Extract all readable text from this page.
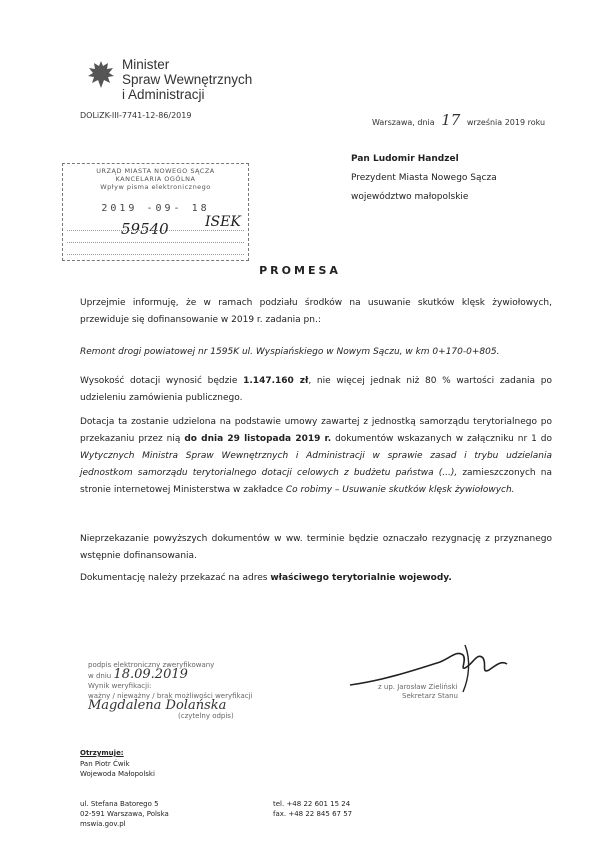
Minister
Spraw Wewnętrznych
i Administracji
DOLiZK-III-7741-12-86/2019
Warszawa, dnia 17 września 2019 roku
URZĄD MIASTA NOWEGO SĄCZA
KANCELARIA OGÓLNA
Wpływ pisma elektronicznego
2019 -09- 18
59540	ISEK
Pan Ludomir Handzel
Prezydent Miasta Nowego Sącza
województwo małopolskie
PROMESA
Uprzejmie informuję, że w ramach podziału środków na usuwanie skutków klęsk żywiołowych, przewiduje się dofinansowanie w 2019 r. zadania pn.:
Remont drogi powiatowej nr 1595K ul. Wyspiańskiego w Nowym Sączu, w km 0+170-0+805.
Wysokość dotacji wynosić będzie 1.147.160 zł, nie więcej jednak niż 80 % wartości zadania po udzieleniu zamówienia publicznego.
Dotacja ta zostanie udzielona na podstawie umowy zawartej z jednostką samorządu terytorialnego po przekazaniu przez nią do dnia 29 listopada 2019 r. dokumentów wskazanych w załączniku nr 1 do Wytycznych Ministra Spraw Wewnętrznych i Administracji w sprawie zasad i trybu udzielania jednostkom samorządu terytorialnego dotacji celowych z budżetu państwa (...), zamieszczonych na stronie internetowej Ministerstwa w zakładce Co robimy – Usuwanie skutków klęsk żywiołowych.
Nieprzekazanie powyższych dokumentów w ww. terminie będzie oznaczało rezygnację z przyznanego wstępnie dofinansowania.
Dokumentację należy przekazać na adres właściwego terytorialnie wojewody.
podpis elektroniczny zweryfikowany
w dniu 18.09.2019
Wynik weryfikacji:
ważny / nieważny / brak możliwości weryfikacji
Magdalena Dolańska
(czytelny odpis)
z up. Jarosław Zieliński
Sekretarz Stanu
Otrzymuje:
Pan Piotr Ćwik
Wojewoda Małopolski
ul. Stefana Batorego 5
02-591 Warszawa, Polska
mswia.gov.pl
tel. +48 22 601 15 24
fax. +48 22 845 67 57
